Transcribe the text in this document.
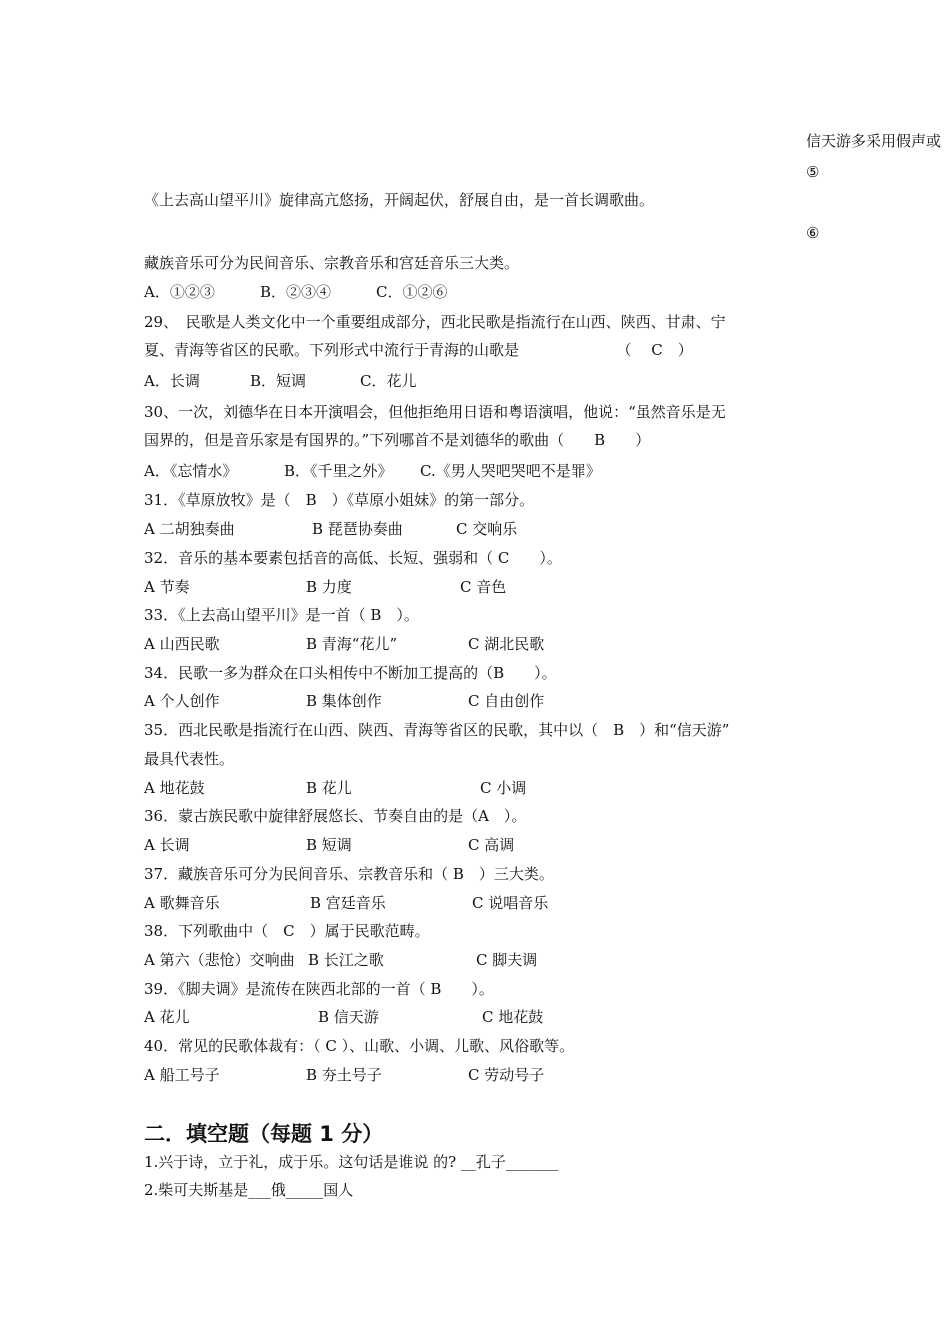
信天游多采用假声或
⑤
《上去高山望平川》旋律高亢悠扬，开阔起伏，舒展自由，是一首长调歌曲。
⑥
藏族音乐可分为民间音乐、宗教音乐和宫廷音乐三大类。
A．①②③	B．②③④	C．①②⑥
29、　民歌是人类文化中一个重要组成部分，西北民歌是指流行在山西、陕西、甘肃、宁
夏、青海等省区的民歌。下列形式中流行于青海的山歌是　　　　　　　（　 C　）
A．长调	B．短调	C．花儿
30、一次，刘德华在日本开演唱会，但他拒绝用日语和粤语演唱，他说：“虽然音乐是无
国界的，但是音乐家是有国界的。”下列哪首不是刘德华的歌曲（　　B　　）
A．《忘情水》	B．《千里之外》 C.《男人哭吧哭吧不是罪》
31．《草原放牧》是（　B　）《草原小姐妹》的第一部分。
A 二胡独奏曲	B 琵琶协奏曲	C 交响乐
32．音乐的基本要素包括音的高低、长短、强弱和（ C　　）。
A 节奏	B 力度	C 音色
33．《上去高山望平川》是一首（ B　）。
A 山西民歌	B 青海“花儿”	C 湖北民歌
34．民歌一多为群众在口头相传中不断加工提高的（B　　）。
A 个人创作	B 集体创作	C 自由创作
35．西北民歌是指流行在山西、陕西、青海等省区的民歌，其中以（　B　）和“信天游”
最具代表性。
A 地花鼓	B 花儿	C 小调
36．蒙古族民歌中旋律舒展悠长、节奏自由的是（A　）。
A 长调	B 短调	C 高调
37．藏族音乐可分为民间音乐、宗教音乐和（ B　）三大类。
A 歌舞音乐	B 宫廷音乐	C 说唱音乐
38．下列歌曲中（　C　）属于民歌范畴。
A 第六（悲怆）交响曲 B 长江之歌	C 脚夫调
39．《脚夫调》是流传在陕西北部的一首（ B　　）。
A 花儿	B 信天游	C 地花鼓
40．常见的民歌体裁有：（ C ）、山歌、小调、儿歌、风俗歌等。
A 船工号子	B 夯土号子	C 劳动号子
二．填空题（每题 1 分）
1.兴于诗，立于礼，成于乐。这句话是谁说 的? __孔子_______
2.柴可夫斯基是___俄_____国人
